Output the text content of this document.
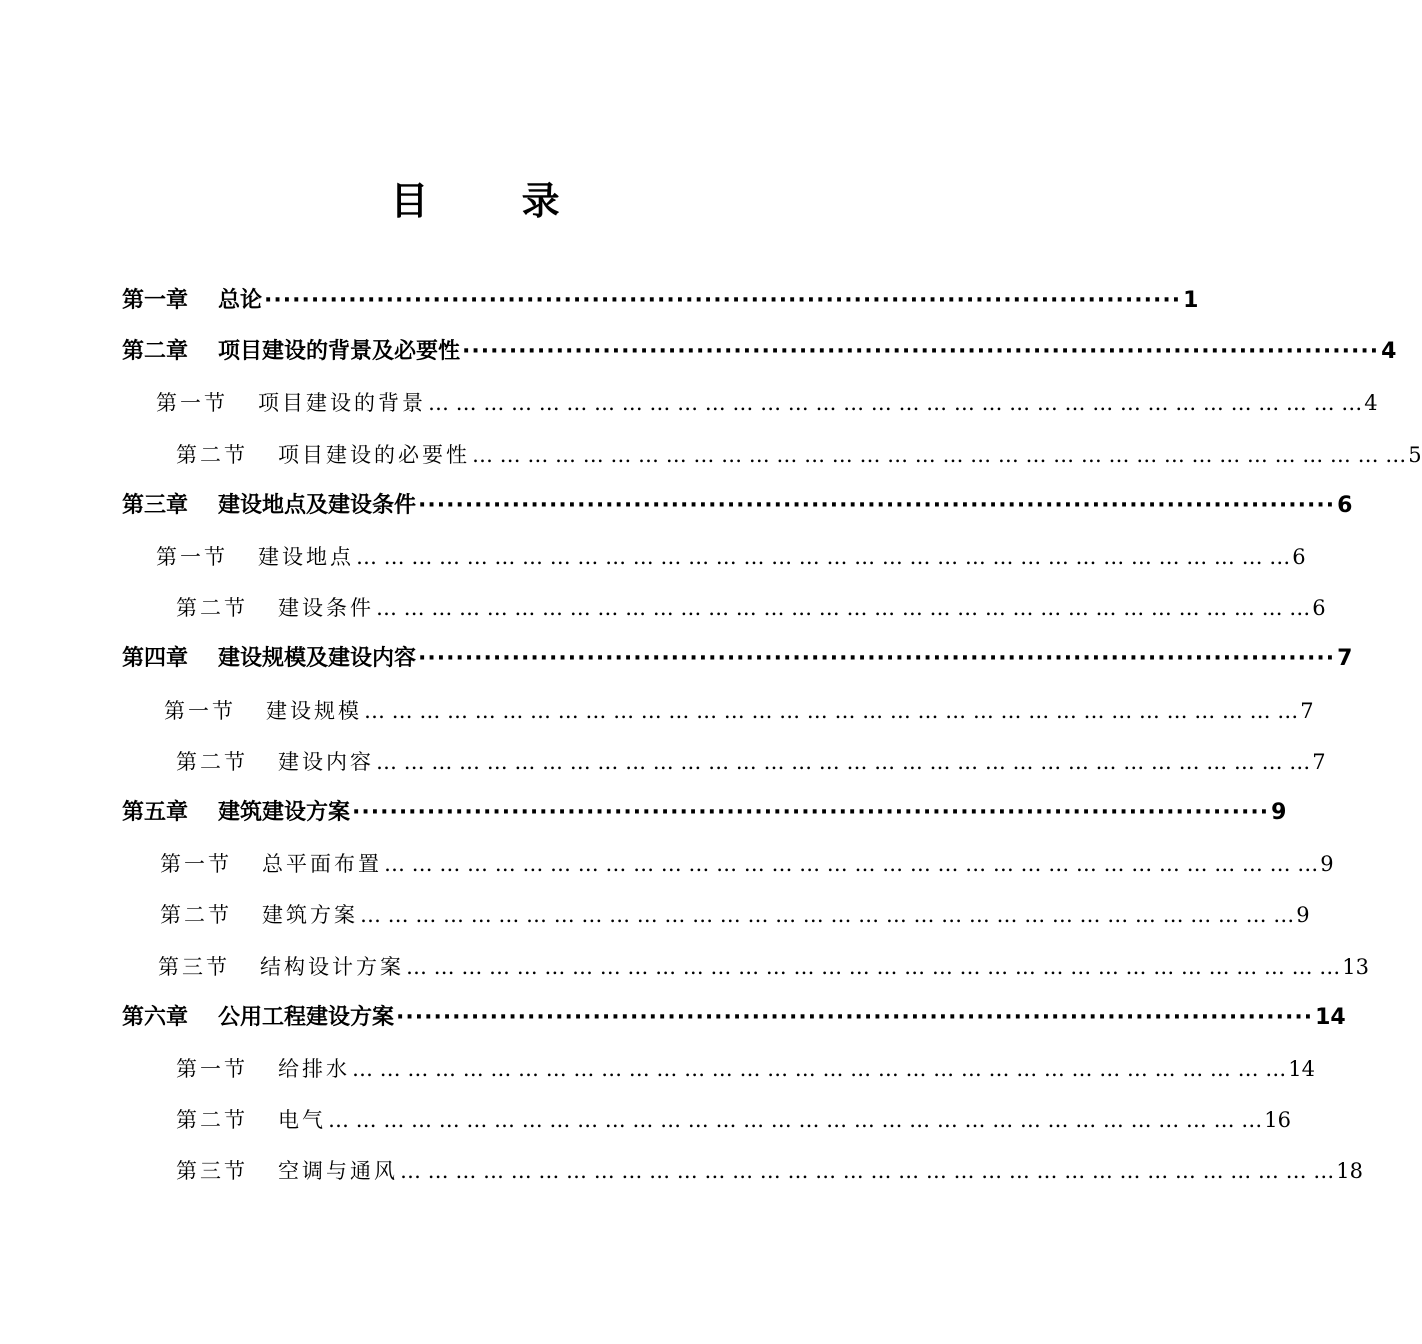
目 录
第一章 总论 ·································································································· 1
第二章 项目建设的背景及必要性 ·································································································· 4
第一节 项目建设的背景 … … … … … … … … … … … … … … … … … … … … … … … … … … … … … … … … … … 4
第二节 项目建设的必要性 … … … … … … … … … … … … … … … … … … … … … … … … … … … … … … … … … … 5
第三章 建设地点及建设条件 ·································································································· 6
第一节 建设地点 … … … … … … … … … … … … … … … … … … … … … … … … … … … … … … … … … … 6
第二节 建设条件 … … … … … … … … … … … … … … … … … … … … … … … … … … … … … … … … … … 6
第四章 建设规模及建设内容 ·································································································· 7
第一节 建设规模 … … … … … … … … … … … … … … … … … … … … … … … … … … … … … … … … … … 7
第二节 建设内容 … … … … … … … … … … … … … … … … … … … … … … … … … … … … … … … … … … 7
第五章 建筑建设方案 ·································································································· 9
第一节 总平面布置 … … … … … … … … … … … … … … … … … … … … … … … … … … … … … … … … … … 9
第二节 建筑方案 … … … … … … … … … … … … … … … … … … … … … … … … … … … … … … … … … … 9
第三节 结构设计方案 … … … … … … … … … … … … … … … … … … … … … … … … … … … … … … … … … … 13
第六章 公用工程建设方案 ·································································································· 14
第一节 给排水 … … … … … … … … … … … … … … … … … … … … … … … … … … … … … … … … … … 14
第二节 电气 … … … … … … … … … … … … … … … … … … … … … … … … … … … … … … … … … … 16
第三节 空调与通风 … … … … … … … … … … … … … … … … … … … … … … … … … … … … … … … … … … 18
